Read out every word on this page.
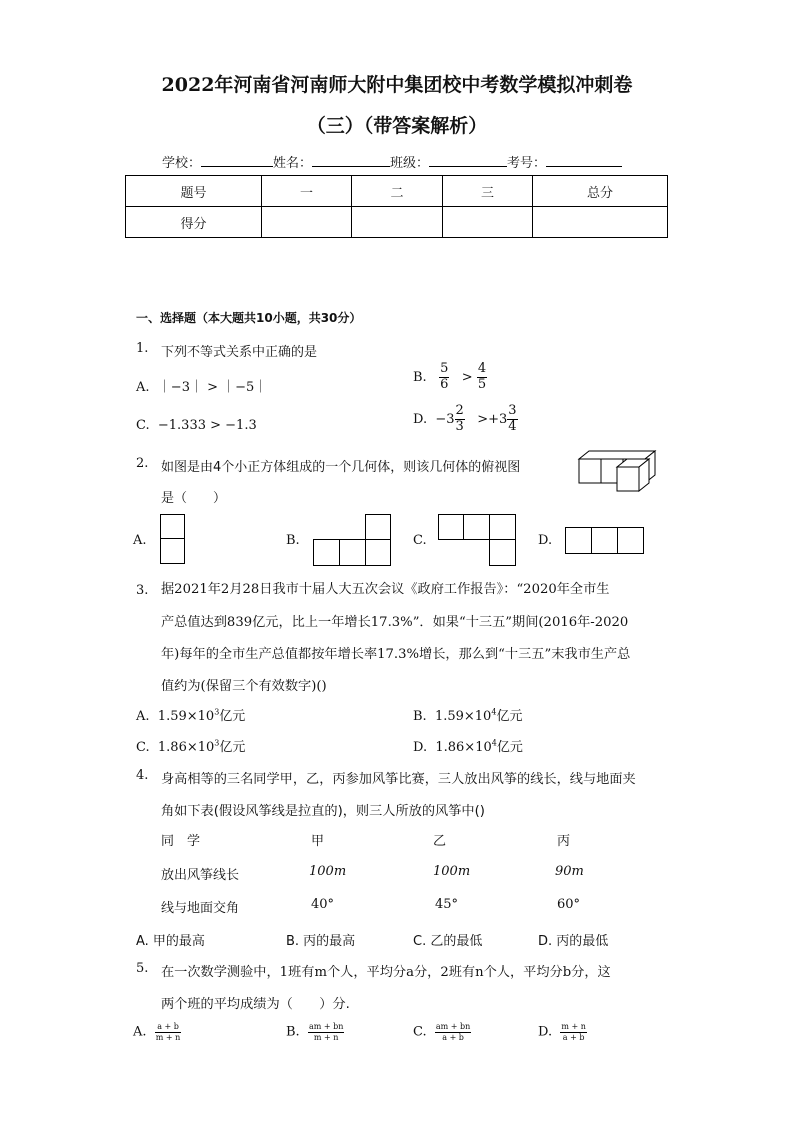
2022年河南省河南师大附中集团校中考数学模拟冲刺卷
（三）（带答案解析）
学校：	姓名：	班级：	考号：
题号	一	二	三	总分
得分				
一、选择题（本大题共10小题，共30分）
1. 下列不等式关系中正确的是
A. ｜−3｜ > ｜−5｜
B. $\frac{5}{6} > \frac{4}{5}$
C. −1.333 > −1.3	D. $-3 \frac{2}{3} >+3 \frac{3}{4}$
2. 如图是由4个小正方体组成的一个几何体，则该几何体的俯视图
是（　　）
A.	B.	C.	D.
3. 据2021年2月28日我市十届人大五次会议《政府工作报告》：“2020年全市生
产总值达到839亿元，比上一年增长17.3%”．如果“十三五”期间(2016年-2020
年)每年的全市生产总值都按年增长率17.3%增长，那么到“十三五”末我市生产总
值约为(保留三个有效数字)()
A. $1.59\times 10^3$亿元	B. $1.59\times 10^4$亿元
C. $1.86\times 10^3$亿元	D. $1.86\times 10^4$亿元
4. 身高相等的三名同学甲，乙，丙参加风筝比赛，三人放出风筝的线长，线与地面夹
角如下表(假设风筝线是拉直的)，则三人所放的风筝中()
同　学	甲	乙	丙
放出风筝线长	100m	100m	90m
线与地面交角	40°	45°	60°
A. 甲的最高	B. 丙的最高	C. 乙的最低	D. 丙的最低
5. 在一次数学测验中，1班有m个人，平均分a分，2班有n个人，平均分b分，这
两个班的平均成绩为（　　）分.
A. $\frac{a + b}{m + n}$	B. $\frac{am + bn}{m + n}$	C. $\frac{am + bn}{a + b}$	D. $\frac{m + n}{a + b}$
